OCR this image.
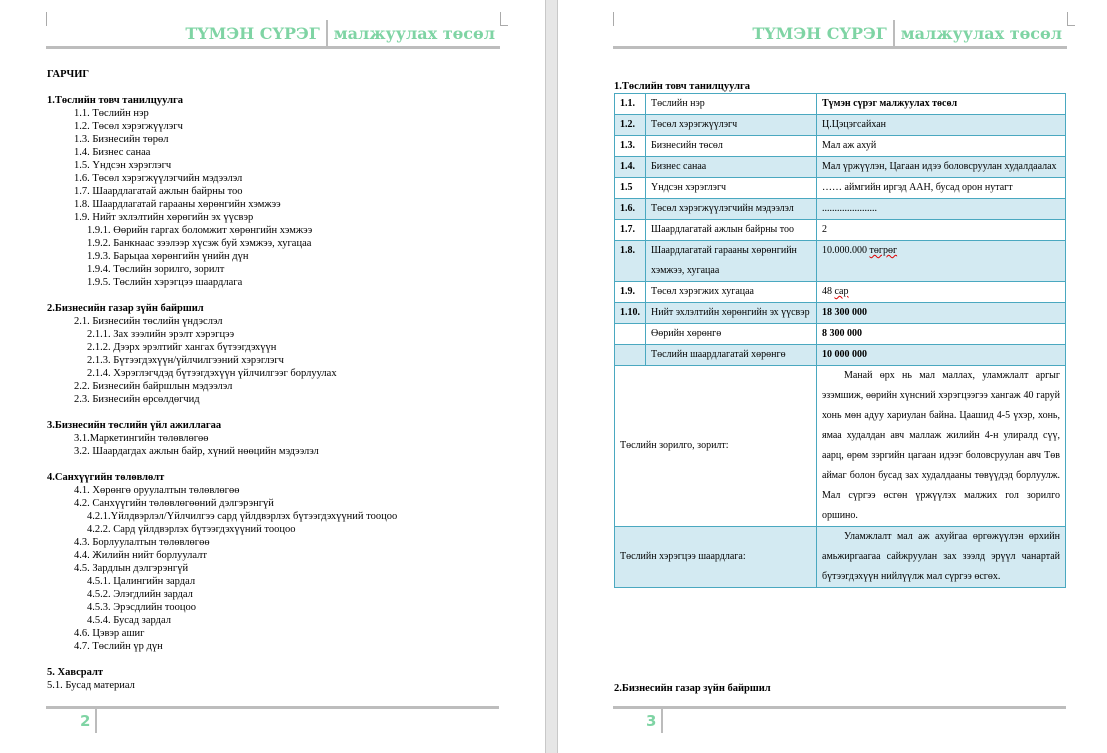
ТҮМЭН СҮРЭГ малжуулах төсөл
ГАРЧИГ
1.Төслийн товч танилцуулга
1.1. Төслийн нэр
1.2. Төсөл хэрэгжүүлэгч
1.3. Бизнесийн төрөл
1.4. Бизнес санаа
1.5. Үндсэн хэрэглэгч
1.6. Төсөл хэрэгжүүлэгчийн мэдээлэл
1.7. Шаардлагатай ажлын байрны тоо
1.8. Шаардлагатай гарааны хөрөнгийн хэмжээ
1.9. Нийт эхлэлтийн хөрөгийн эх үүсвэр
1.9.1. Өөрийн гаргах боломжит хөрөнгийн хэмжээ
1.9.2. Банкнаас зээлээр хүсэж буй хэмжээ, хугацаа
1.9.3. Барьцаа хөрөнгийн үнийн дүн
1.9.4. Төслийн зорилго, зорилт
1.9.5. Төслийн хэрэгцээ шаардлага
2.Бизнесийн газар зүйн байршил
2.1. Бизнесийн төслийн үндэслэл
2.1.1. Зах зээлийн эрэлт хэрэгцээ
2.1.2. Дээрх эрэлтийг хангах бүтээгдэхүүн
2.1.3. Бүтээгдэхүүн/үйлчилгээний хэрэглэгч
2.1.4. Хэрэглэгчдэд бүтээгдэхүүн үйлчилгээг борлуулах
2.2. Бизнесийн байршлын мэдээлэл
2.3. Бизнесийн өрсөлдөгчид
3.Бизнесийн төслийн үйл ажиллагаа
3.1.Маркетингийн төлөвлөгөө
3.2. Шаардагдах ажлын байр, хүний нөөцийн мэдээлэл
4.Санхүүгийн төлөвлөлт
4.1. Хөрөнгө оруулалтын төлөвлөгөө
4.2. Санхүүгийн төлөвлөгөөний дэлгэрэнгүй
4.2.1.Үйлдвэрлэл/Үйлчилгээ сард үйлдвэрлэх бүтээгдэхүүний тооцоо
4.2.2. Сард үйлдвэрлэх бүтээгдэхүүний тооцоо
4.3. Борлуулалтын төлөвлөгөө
4.4. Жилийн нийт борлуулалт
4.5. Зардлын дэлгэрэнгүй
4.5.1. Цалингийн зардал
4.5.2. Элэгдлийн зардал
4.5.3. Эрэсдлийн тооцоо
4.5.4. Бусад зардал
4.6. Цэвэр ашиг
4.7. Төслийн үр дүн
5. Хавсралт
5.1. Бусад материал
2
ТҮМЭН СҮРЭГ малжуулах төсөл
1.Төслийн товч танилцуулга
1.1.	Төслийн нэр	Түмэн сүрэг малжуулах төсөл
1.2.	Төсөл хэрэгжүүлэгч	Ц.Цэцэгсайхан
1.3.	Бизнесийн төсөл	Мал аж ахуй
1.4.	Бизнес санаа	Мал үржүүлэн, Цагаан идээ боловсруулан худалдаалах
1.5	Үндсэн хэрэглэгч	…… аймгийн иргэд ААН, бусад орон нутагт
1.6.	Төсөл хэрэгжүүлэгчийн мэдээлэл	......................
1.7.	Шаардлагатай ажлын байрны тоо	2
1.8.	Шаардлагатай гарааны хөрөнгийн хэмжээ, хугацаа	10.000.000 төгрөг
1.9.	Төсөл хэрэгжих хугацаа	48 сар
1.10.	Нийт эхлэлтийн хөрөнгийн эх үүсвэр	18 300 000
	Өөрийн хөрөнгө	8 300 000
	Төслийн шаардлагатай хөрөнгө	10 000 000
Төслийн зорилго, зорилт:		Манай өрх нь мал маллах, уламжлалт аргыг эзэмшиж, өөрийн хүнсний хэрэгцээгээ хангаж 40 гаруй хонь мөн адуу хариулан байна. Цаашид 4-5 үхэр, хонь, ямаа худалдан авч маллаж жилийн 4-н улиралд сүү, аарц, өрөм зэргийн цагаан идээг боловсруулан авч Төв аймаг болон бусад зах худалдааны төвүүдэд борлуулж. Мал сүргээ өсгөн үржүүлэх малжих гол зорилго оршино.
Төслийн хэрэгцээ шаардлага:		Уламжлалт мал аж ахуйгаа өргөжүүлэн өрхийн амьжиргаагаа сайжруулан зах зээлд эрүүл чанартай бүтээгдэхүүн нийлүүлж мал сүргээ өсгөх.
2.Бизнесийн газар зүйн байршил
3
